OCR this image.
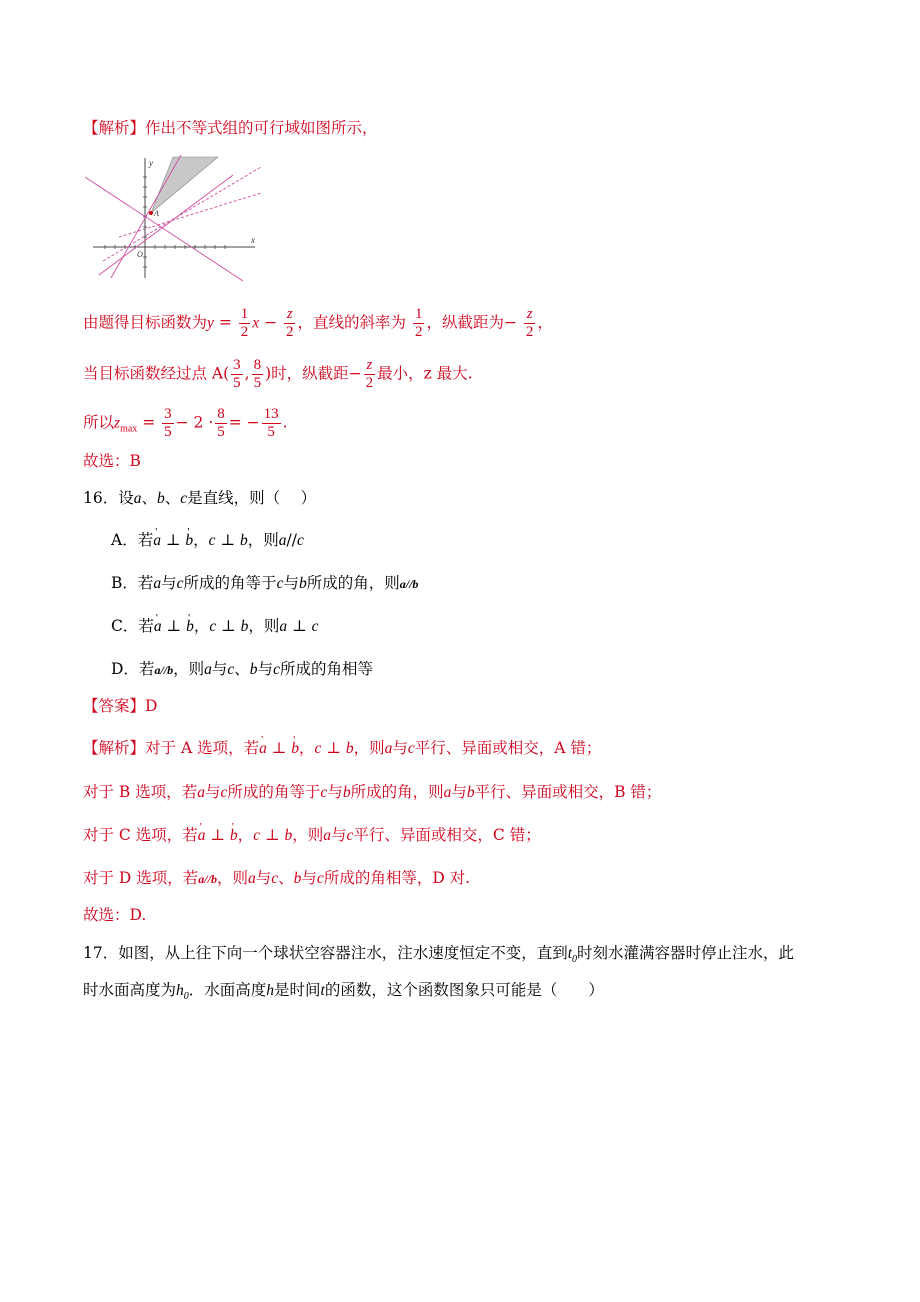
【解析】作出不等式组的可行域如图所示，
A
y
x
O
由题得目标函数为$y = \frac{1}{2}$ $x - \frac{z}{2}$ ，直线的斜率为 $\frac{1}{2}$ ，纵截距为− $\frac{z}{2}$ ，
当目标函数经过点 $A( \frac{3}{5}$ , $\frac{8}{5}$ )时，纵截距− $\frac{z}{2}$ 最小，z 最大.
所以$z_{max} = \frac{3}{5} - 2 \cdot \frac{8}{5}$ = − $\frac{13}{5}$ .
故选：B
16．设a、b、c是直线，则（　 ）
A．若' a ⊥ ' b，c ⊥ b，则a//c
B．若a与c所成的角等于c与b所成的角，则a//b
C．若' a ⊥ ' b，c ⊥ b，则a ⊥ c
D．若a//b，则a与c、b与c所成的角相等
【答案】D
【解析】对于 A 选项，若' a ⊥ ' b，c ⊥ b，则a与c平行、异面或相交，A 错；
对于 B 选项，若a与c所成的角等于c与b所成的角，则a与b平行、异面或相交，B 错；
对于 C 选项，若' a ⊥ ' b，c ⊥ b，则a与c平行、异面或相交，C 错；
对于 D 选项，若a//b，则a与c、b与c所成的角相等，D 对.
故选：D.
17．如图，从上往下向一个球状空容器注水，注水速度恒定不变，直到$t_0$时刻水灌满容器时停止注水，此
时水面高度为$h_0$．水面高度h是时间t的函数，这个函数图象只可能是（　　）
